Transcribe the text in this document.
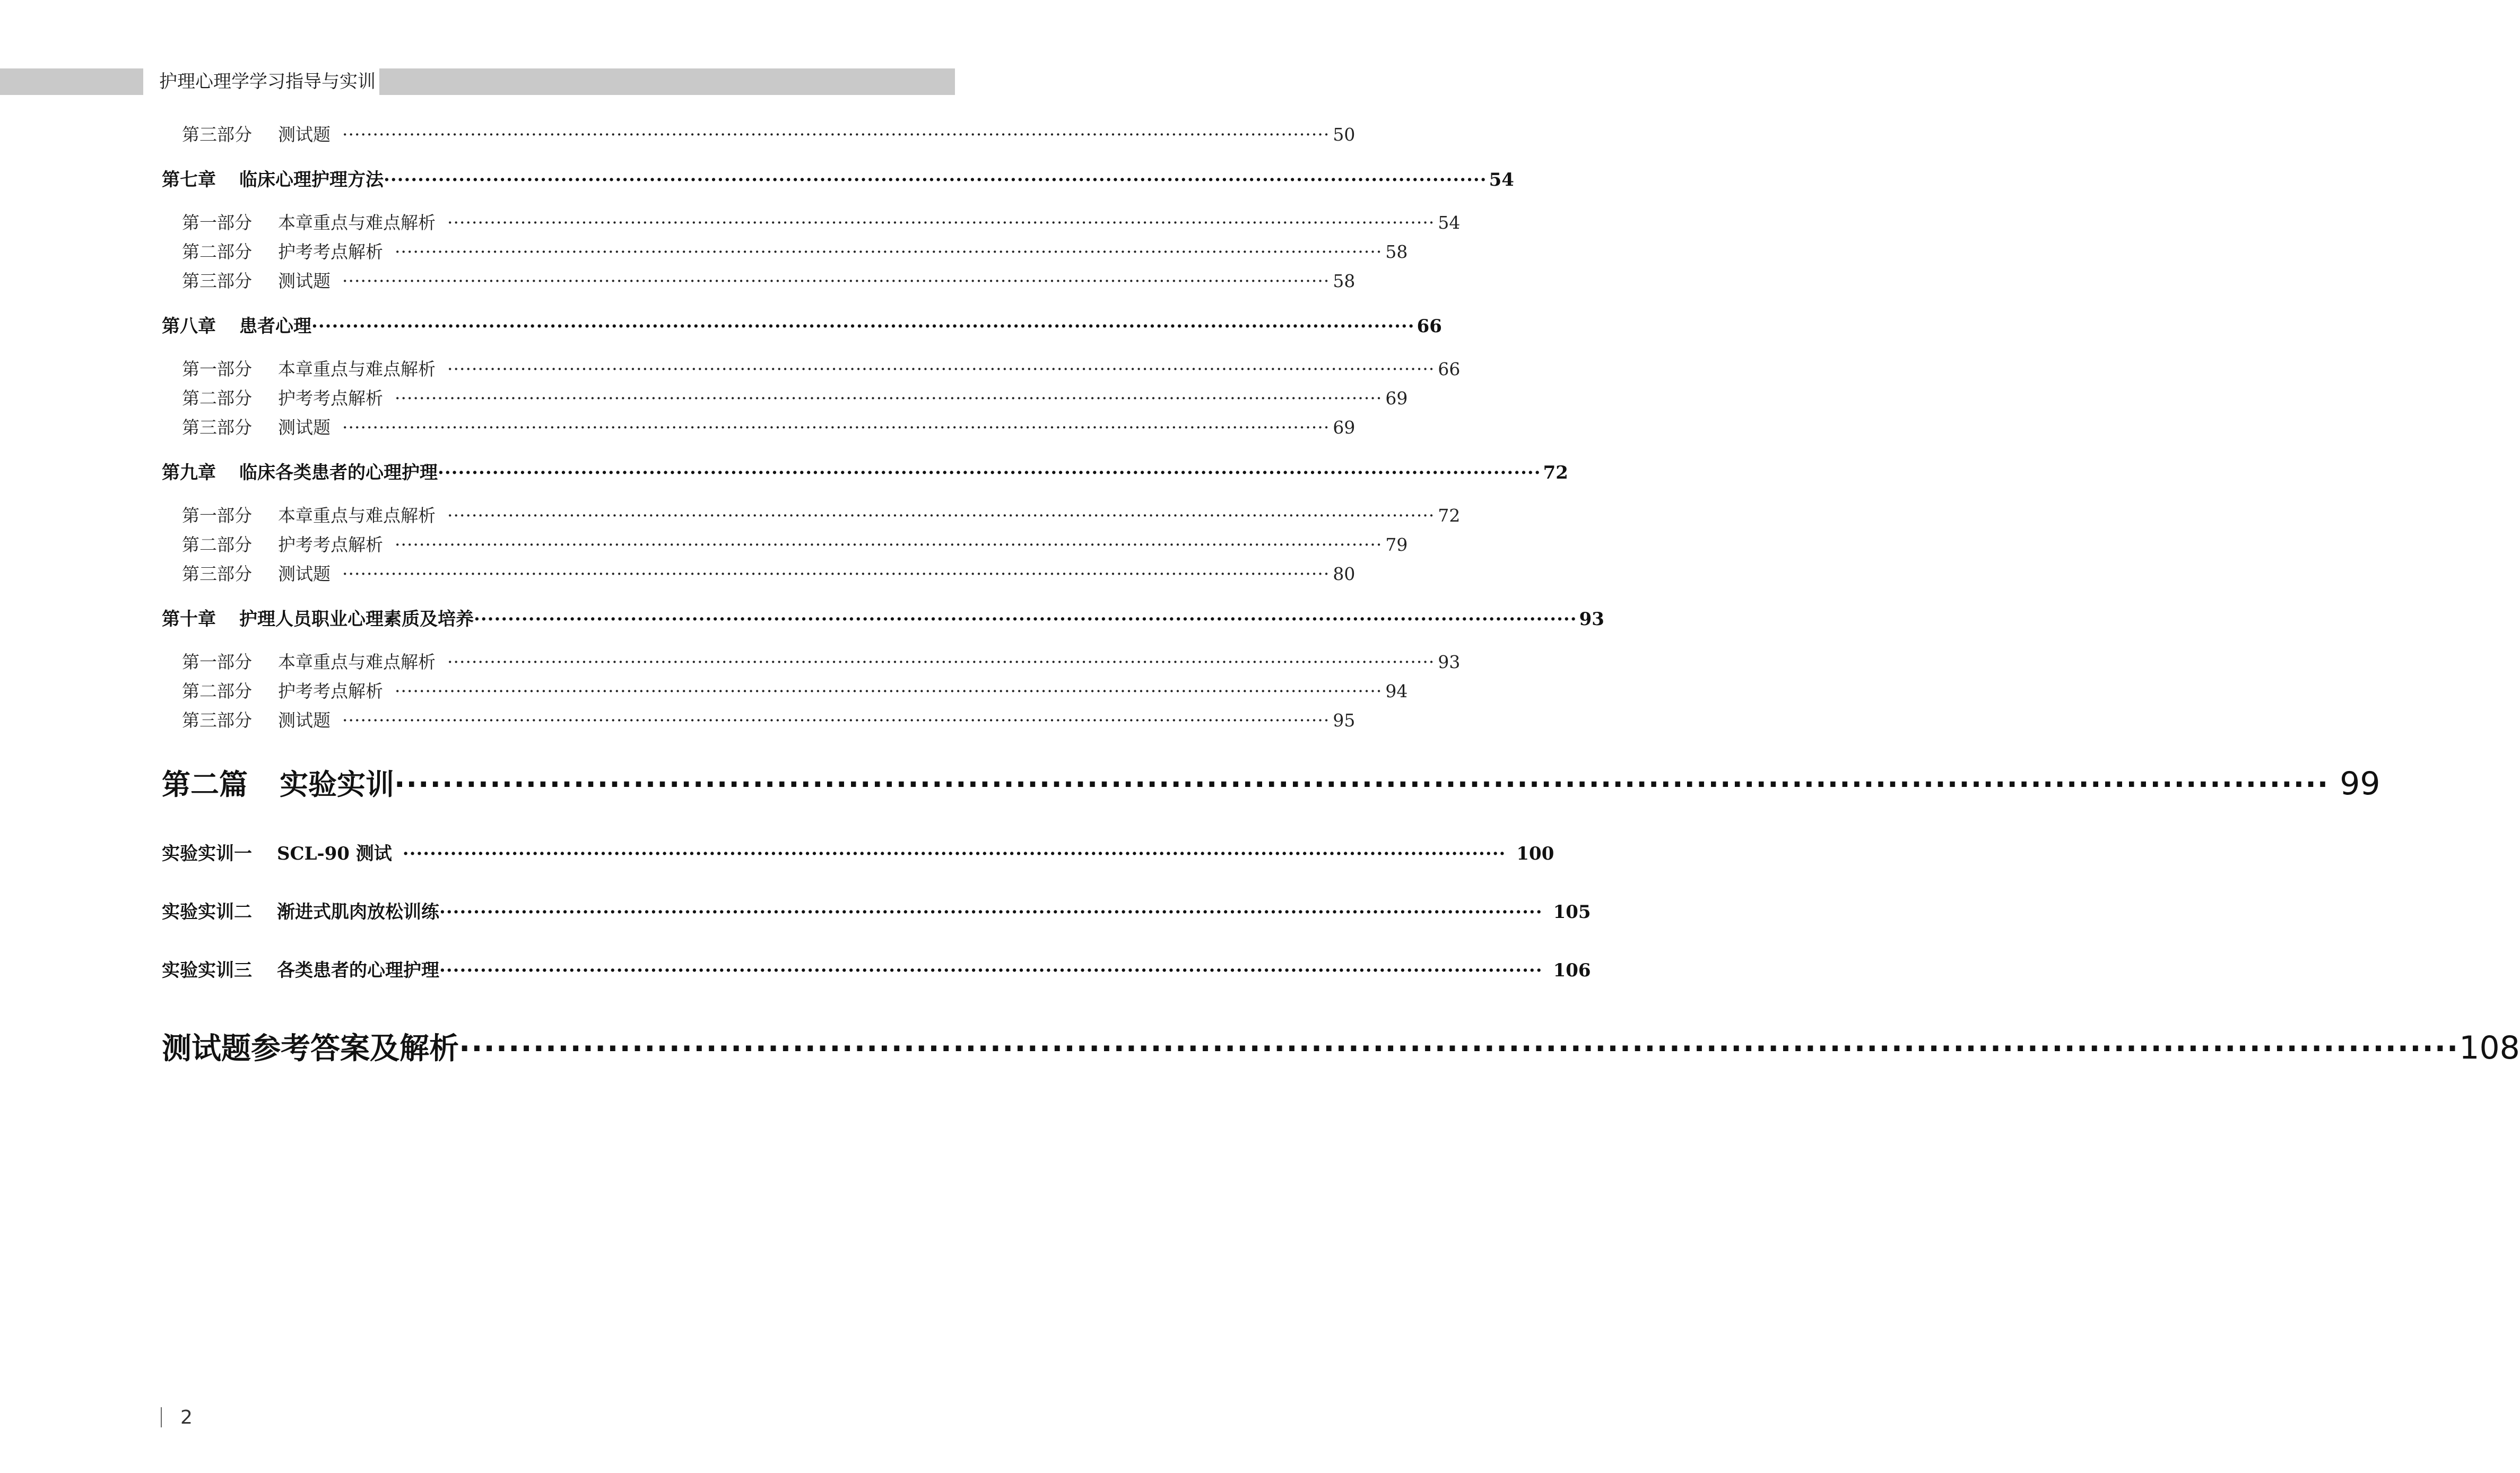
护理心理学学习指导与实训
第三部分	测试题 ·································································································································································· 50
第七章	临床心理护理方法 ·································································································································································· 54
第一部分	本章重点与难点解析 ·································································································································································· 54
第二部分	护考考点解析 ·································································································································································· 58
第三部分	测试题 ·································································································································································· 58
第八章	患者心理 ·································································································································································· 66
第一部分	本章重点与难点解析 ·································································································································································· 66
第二部分	护考考点解析 ·································································································································································· 69
第三部分	测试题 ·································································································································································· 69
第九章	临床各类患者的心理护理 ·································································································································································· 72
第一部分	本章重点与难点解析 ·································································································································································· 72
第二部分	护考考点解析 ·································································································································································· 79
第三部分	测试题 ·································································································································································· 80
第十章	护理人员职业心理素质及培养 ·································································································································································· 93
第一部分	本章重点与难点解析 ·································································································································································· 93
第二部分	护考考点解析 ·································································································································································· 94
第三部分	测试题 ·································································································································································· 95
第二篇	实验实训 ·································································································································································· 99
实验实训一	SCL-90 测试 ·································································································································································· 100
实验实训二	渐进式肌肉放松训练 ·································································································································································· 105
实验实训三	各类患者的心理护理 ·································································································································································· 106
测试题参考答案及解析 ·································································································································································· 108
2
